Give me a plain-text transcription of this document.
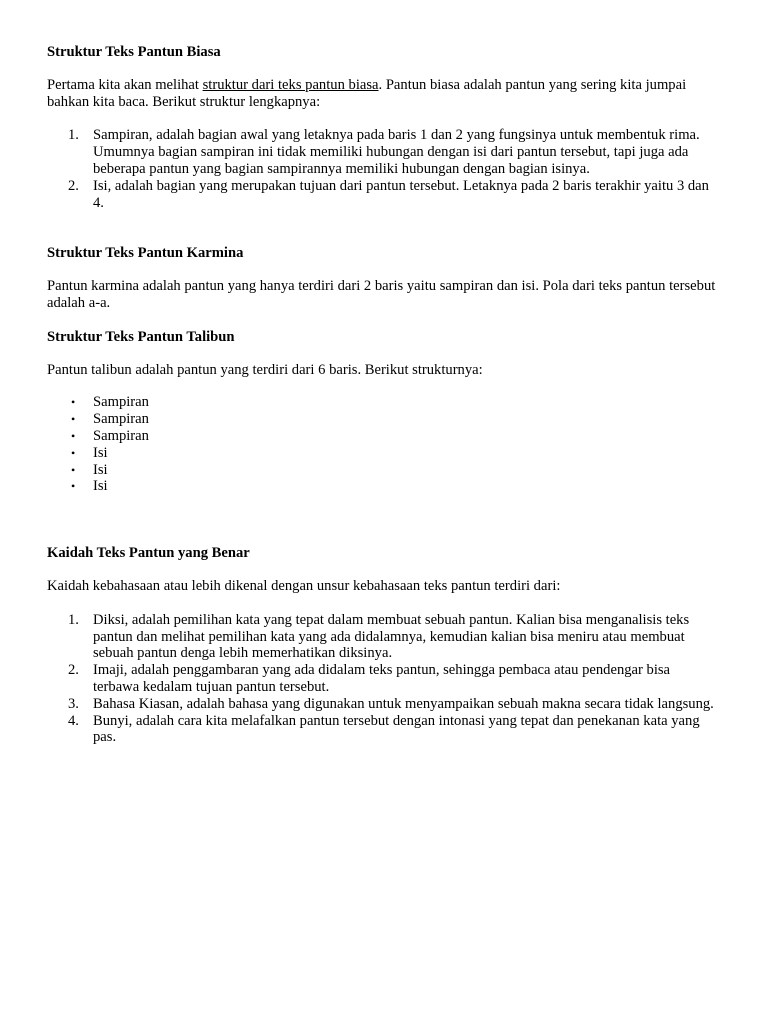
Struktur Teks Pantun Biasa

Pertama kita akan melihat struktur dari teks pantun biasa. Pantun biasa adalah pantun yang sering kita jumpai bahkan kita baca. Berikut struktur lengkapnya:

1. Sampiran, adalah bagian awal yang letaknya pada baris 1 dan 2 yang fungsinya untuk membentuk rima. Umumnya bagian sampiran ini tidak memiliki hubungan dengan isi dari pantun tersebut, tapi juga ada beberapa pantun yang bagian sampirannya memiliki hubungan dengan bagian isinya.
2. Isi, adalah bagian yang merupakan tujuan dari pantun tersebut. Letaknya pada 2 baris terakhir yaitu 3 dan 4.
Struktur Teks Pantun Karmina

Pantun karmina adalah pantun yang hanya terdiri dari 2 baris yaitu sampiran dan isi. Pola dari teks pantun tersebut adalah a-a.

Struktur Teks Pantun Talibun

Pantun talibun adalah pantun yang terdiri dari 6 baris. Berikut strukturnya:

• Sampiran
• Sampiran
• Sampiran
• Isi
• Isi
• Isi
Kaidah Teks Pantun yang Benar

Kaidah kebahasaan atau lebih dikenal dengan unsur kebahasaan teks pantun terdiri dari:

1. Diksi, adalah pemilihan kata yang tepat dalam membuat sebuah pantun. Kalian bisa menganalisis teks pantun dan melihat pemilihan kata yang ada didalamnya, kemudian kalian bisa meniru atau membuat sebuah pantun denga lebih memerhatikan diksinya.
2. Imaji, adalah penggambaran yang ada didalam teks pantun, sehingga pembaca atau pendengar bisa terbawa kedalam tujuan pantun tersebut.
3. Bahasa Kiasan, adalah bahasa yang digunakan untuk menyampaikan sebuah makna secara tidak langsung.
4. Bunyi, adalah cara kita melafalkan pantun tersebut dengan intonasi yang tepat dan penekanan kata yang pas.
